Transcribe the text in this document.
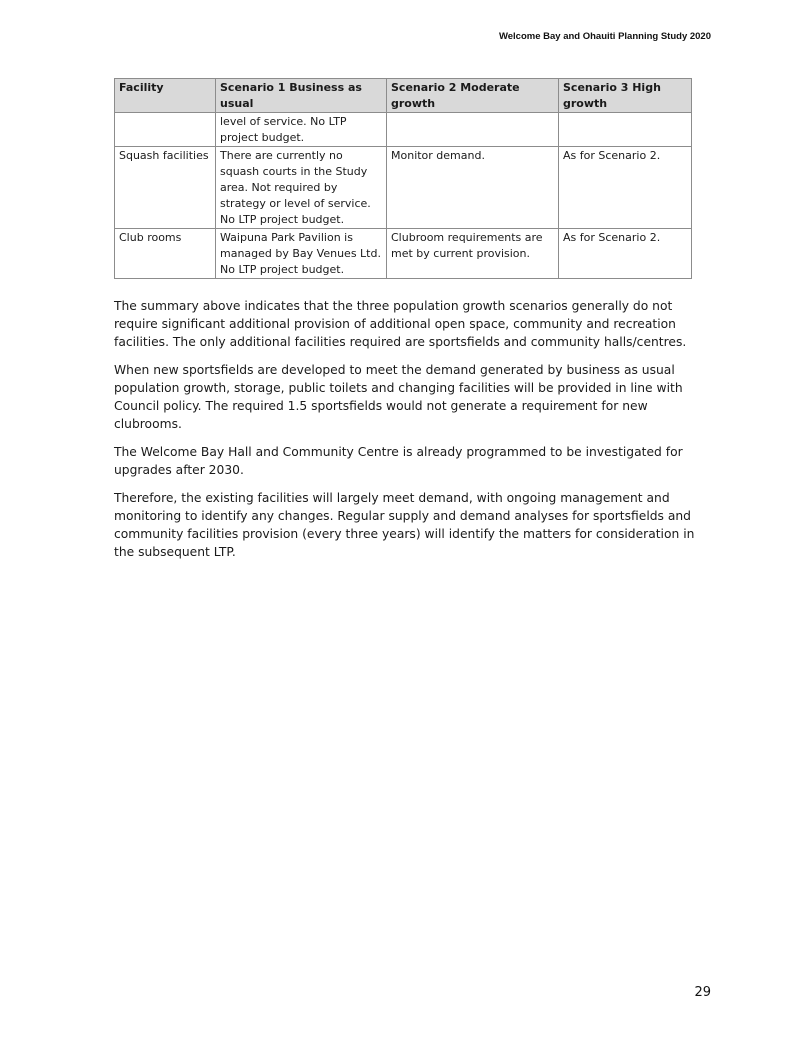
Welcome Bay and Ohauiti Planning Study 2020
Facility	Scenario 1 Business as usual	Scenario 2 Moderate growth	Scenario 3 High growth
	level of service. No LTP project budget.		
Squash facilities	There are currently no squash courts in the Study area. Not required by strategy or level of service. No LTP project budget.	Monitor demand.	As for Scenario 2.
Club rooms	Waipuna Park Pavilion is managed by Bay Venues Ltd. No LTP project budget.	Clubroom requirements are met by current provision.	As for Scenario 2.

The summary above indicates that the three population growth scenarios generally do not require significant additional provision of additional open space, community and recreation facilities. The only additional facilities required are sportsfields and community halls/centres.

When new sportsfields are developed to meet the demand generated by business as usual population growth, storage, public toilets and changing facilities will be provided in line with Council policy. The required 1.5 sportsfields would not generate a requirement for new clubrooms.

The Welcome Bay Hall and Community Centre is already programmed to be investigated for upgrades after 2030.

Therefore, the existing facilities will largely meet demand, with ongoing management and monitoring to identify any changes. Regular supply and demand analyses for sportsfields and community facilities provision (every three years) will identify the matters for consideration in the subsequent LTP.

29
